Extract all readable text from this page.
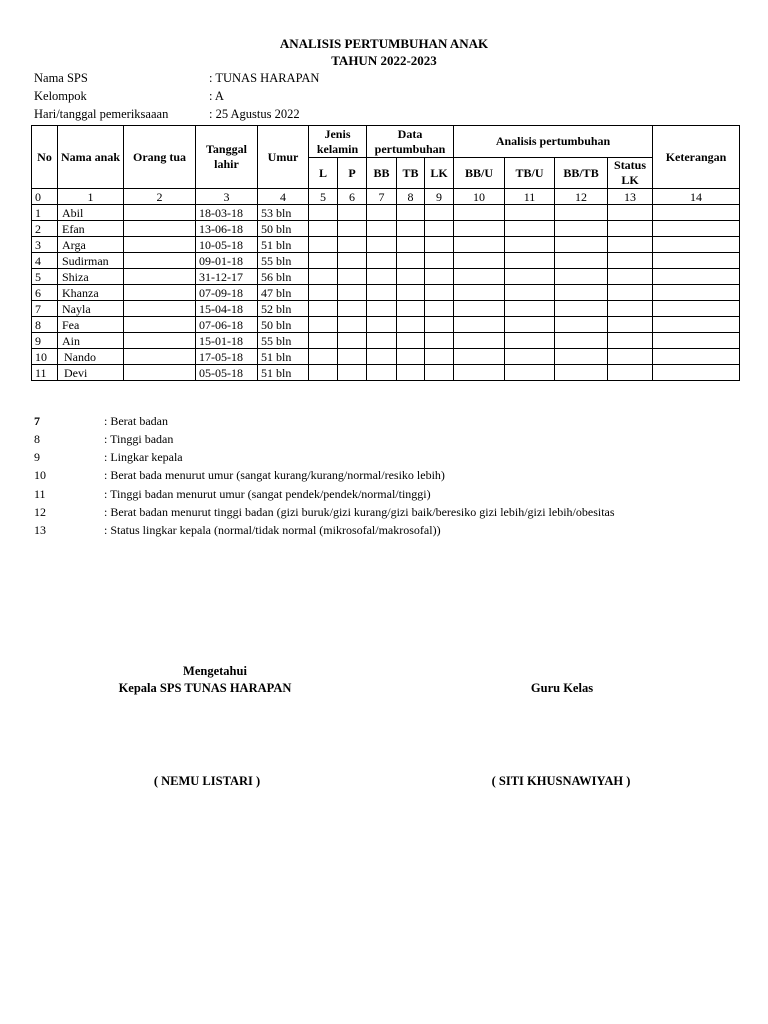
ANALISIS PERTUMBUHAN ANAK
TAHUN 2022-2023
Nama SPS	: TUNAS HARAPAN
Kelompok	: A
Hari/tanggal pemeriksaaan	: 25 Agustus 2022
No	Nama anak	Orang tua	Tanggal lahir	Umur	Jenis kelamin		Data pertumbuhan			Analisis pertumbuhan				Keterangan
					L	P	BB	TB	LK	BB/U	TB/U	BB/TB	Status LK	
0	1	2	3	4	5	6	7	8	9	10	11	12	13	14
1	Abil		18-03-18	53 bln										
2	Efan		13-06-18	50 bln										
3	Arga		10-05-18	51 bln										
4	Sudirman		09-01-18	55 bln										
5	Shiza		31-12-17	56 bln										
6	Khanza		07-09-18	47 bln										
7	Nayla		15-04-18	52 bln										
8	Fea		07-06-18	50 bln										
9	Ain		15-01-18	55 bln										
10	Nando		17-05-18	51 bln										
11	Devi		05-05-18	51 bln										
7	: Berat badan
8	: Tinggi badan
9	: Lingkar kepala
10	: Berat bada menurut umur (sangat kurang/kurang/normal/resiko lebih)
11	: Tinggi badan menurut umur (sangat pendek/pendek/normal/tinggi)
12	: Berat badan menurut tinggi badan (gizi buruk/gizi kurang/gizi baik/beresiko gizi lebih/gizi lebih/obesitas
13	: Status lingkar kepala (normal/tidak normal (mikrosofal/makrosofal))
Mengetahui
Kepala SPS TUNAS HARAPAN	Guru Kelas
( NEMU LISTARI )	( SITI KHUSNAWIYAH )
